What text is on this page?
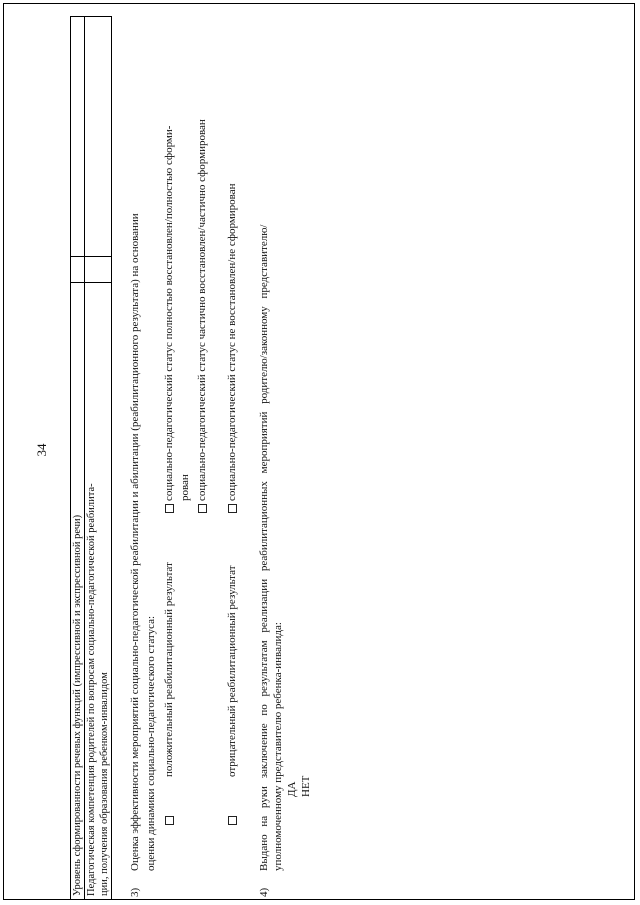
34
Уровень сформированности речевых функций (импрессивной и экспрессивной речи)		

Педагогическая компетенция родителей по вопросам социально-педагогической реабилита- ции, получения образования ребенком-инвалидом		
		3)
Оценка эффективности мероприятий социально-педагогической реабилитации и абилитации (реабилитационного результата) на основании оценки динамики социально-педагогического статуса: положительный реабилитационный результат
социально-педагогический статус полностью восстановлен/полностью сформи- рован социально-педагогический статус частично восстановлен/частично сформирован
отрицательный реабилитационный результат
социально-педагогический статус не восстановлен/не сформирован
4)
Выдано на руки заключение по результатам реализации реабилитационных мероприятий родителю/законному представителю/ уполномоченному представителю ребенка-инвалида: ДА НЕТ
